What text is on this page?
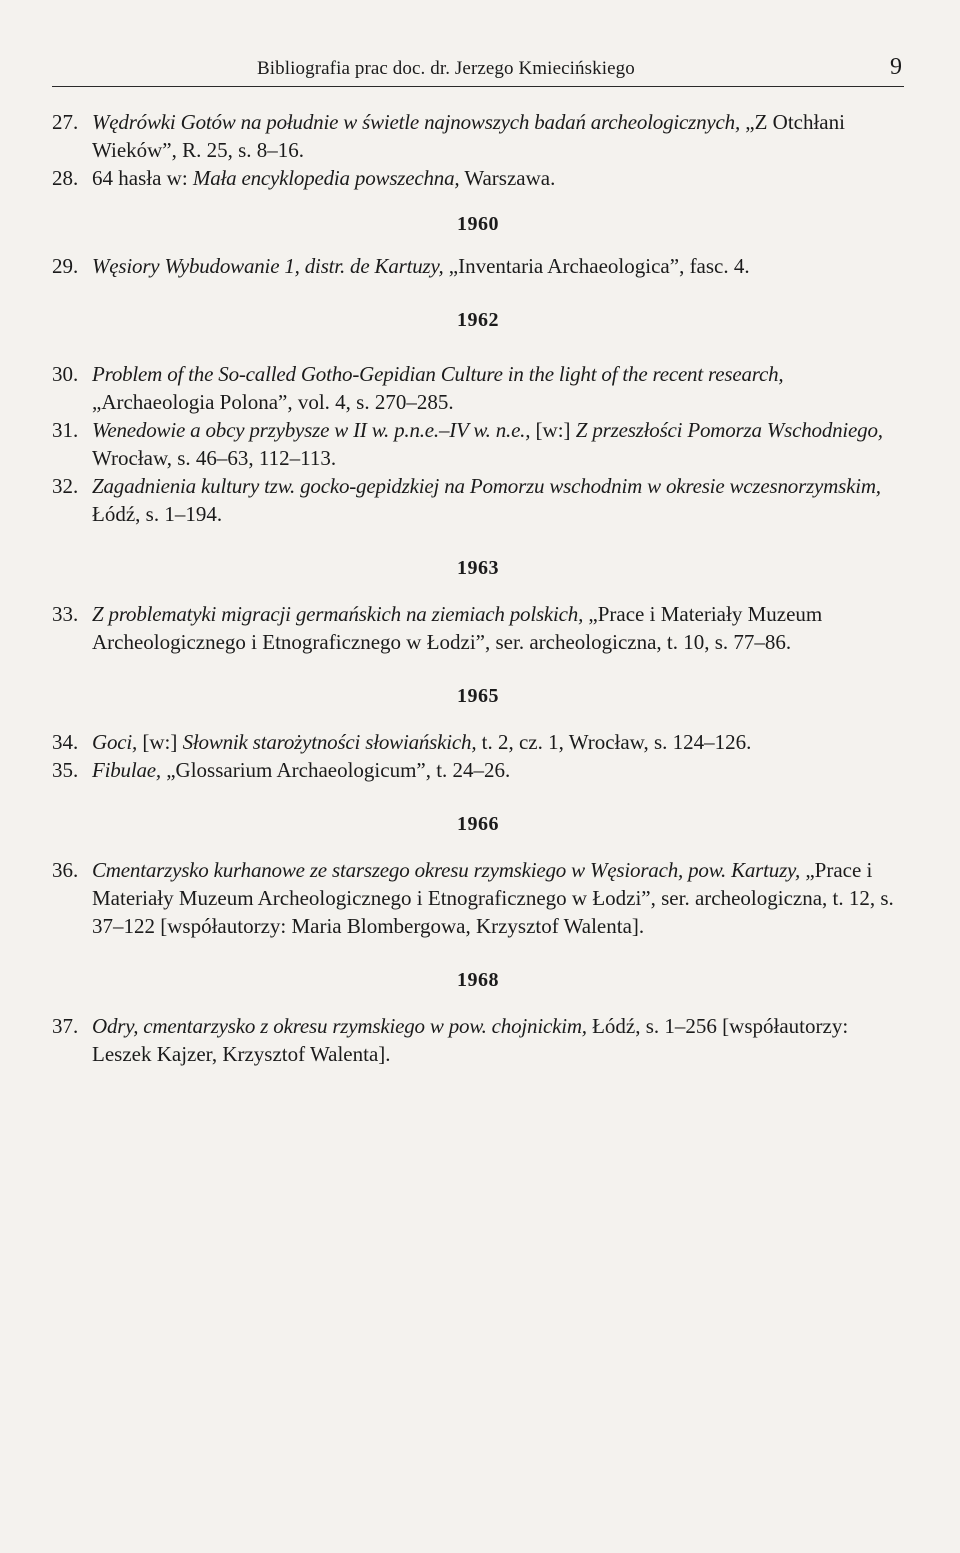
Bibliografia prac doc. dr. Jerzego Kmiecińskiego	9

27. Wędrówki Gotów na południe w świetle najnowszych badań archeologicznych, „Z Otchłani Wieków”, R. 25, s. 8–16.

28. 64 hasła w: Mała encyklopedia powszechna, Warszawa.

1960

29. Węsiory Wybudowanie 1, distr. de Kartuzy, „Inventaria Archaeologica”, fasc. 4.

1962

30. Problem of the So-called Gotho-Gepidian Culture in the light of the recent research, „Archaeologia Polona”, vol. 4, s. 270–285.

31. Wenedowie a obcy przybysze w II w. p.n.e.–IV w. n.e., [w:] Z przeszłości Pomorza Wschodniego, Wrocław, s. 46–63, 112–113.

32. Zagadnienia kultury tzw. gocko-gepidzkiej na Pomorzu wschodnim w okresie wczesnorzymskim, Łódź, s. 1–194.

1963

33. Z problematyki migracji germańskich na ziemiach polskich, „Prace i Materiały Muzeum Archeologicznego i Etnograficznego w Łodzi”, ser. archeologiczna, t. 10, s. 77–86.

1965

34. Goci, [w:] Słownik starożytności słowiańskich, t. 2, cz. 1, Wrocław, s. 124–126.

35. Fibulae, „Glossarium Archaeologicum”, t. 24–26.

1966

36. Cmentarzysko kurhanowe ze starszego okresu rzymskiego w Węsiorach, pow. Kartuzy, „Prace i Materiały Muzeum Archeologicznego i Etnograficznego w Łodzi”, ser. archeologiczna, t. 12, s. 37–122 [współautorzy: Maria Blombergowa, Krzysztof Walenta].

1968

37. Odry, cmentarzysko z okresu rzymskiego w pow. chojnickim, Łódź, s. 1–256 [współautorzy: Leszek Kajzer, Krzysztof Walenta].
